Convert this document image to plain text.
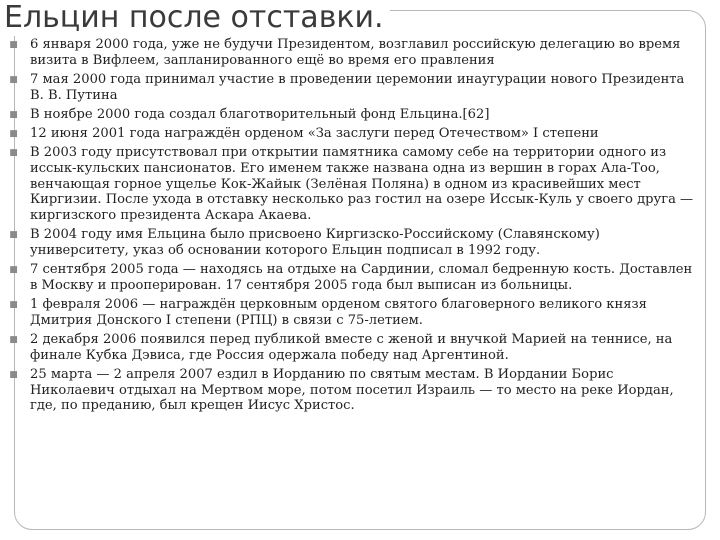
Ельцин после отставки.
■ 6 января 2000 года, уже не будучи Президентом, возглавил российскую делегацию во время визита в Вифлеем, запланированного ещё во время его правления
■ 7 мая 2000 года принимал участие в проведении церемонии инаугурации нового Президента В. В. Путина
■ В ноябре 2000 года создал благотворительный фонд Ельцина.[62]
■ 12 июня 2001 года награждён орденом «За заслуги перед Отечеством» I степени
■ В 2003 году присутствовал при открытии памятника самому себе на территории одного из иссык-кульских пансионатов. Его именем также названа одна из вершин в горах Ала-Тоо, венчающая горное ущелье Кок-Жайык (Зелёная Поляна) в одном из красивейших мест Киргизии. После ухода в отставку несколько раз гостил на озере Иссык-Куль у своего друга — киргизского президента Аскара Акаева.
■ В 2004 году имя Ельцина было присвоено Киргизско-Российскому (Славянскому) университету, указ об основании которого Ельцин подписал в 1992 году.
■ 7 сентября 2005 года — находясь на отдыхе на Сардинии, сломал бедренную кость. Доставлен в Москву и прооперирован. 17 сентября 2005 года был выписан из больницы.
■ 1 февраля 2006 — награждён церковным орденом святого благоверного великого князя Дмитрия Донского I степени (РПЦ) в связи с 75-летием.
■ 2 декабря 2006 появился перед публикой вместе с женой и внучкой Марией на теннисе, на финале Кубка Дэвиса, где Россия одержала победу над Аргентиной.
■ 25 марта — 2 апреля 2007 ездил в Иорданию по святым местам. В Иордании Борис Николаевич отдыхал на Мертвом море, потом посетил Израиль — то место на реке Иордан, где, по преданию, был крещен Иисус Христос.
